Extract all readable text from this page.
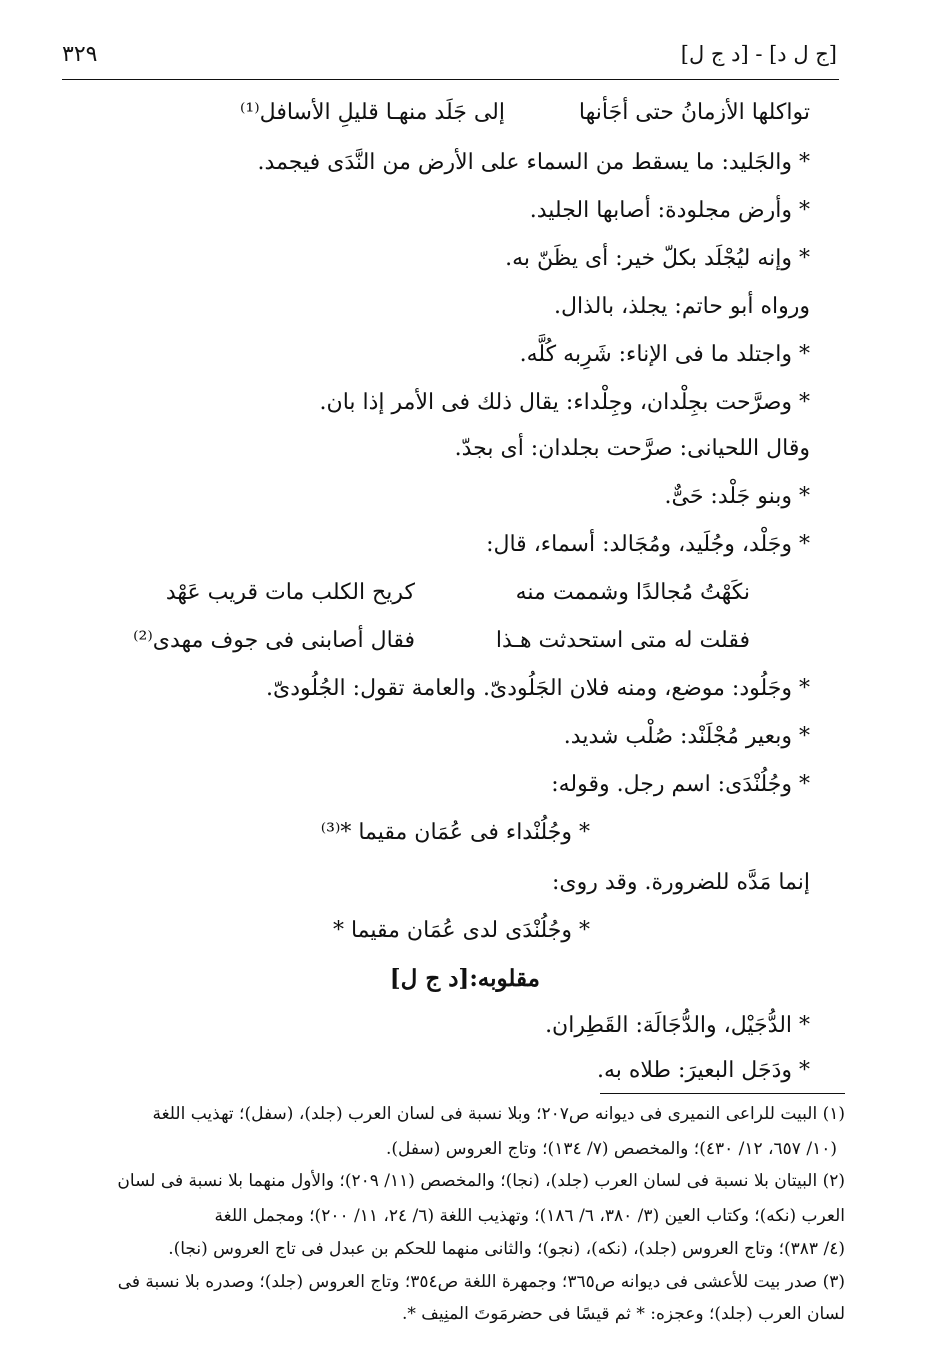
[ج ل د] - [د ج ل]
٣٢٩
تواكلها الأزمانُ حتى أجَأنها
إلى جَلَد منهـا قليلِ الأسافل⁽¹⁾
* والجَليد: ما يسقط من السماء على الأرض من النَّدَى فيجمد.
* وأرض مجلودة: أصابها الجليد.
* وإنه ليُجْلَد بكلّ خير: أى يظَنّ به.
ورواه أبو حاتم: يجلذ، بالذال.
* واجتلد ما فى الإناء: شَرِبه كُلَّه.
* وصرَّحت بجِلْدان، وجِلْداء: يقال ذلك فى الأمر إذا بان.
وقال اللحيانى: صرَّحت بجلدان: أى بجدّ.
* وبنو جَلْد: حَىٌّ.
* وجَلْد، وجُلَيد، ومُجَالد: أسماء، قال:
نكَهْتُ مُجالدًا وشممت منه
كريح الكلب مات قريب عَهْد
فقلت له متى استحدثت هـذا
فقال أصابنى فى جوف مهدى⁽²⁾
* وجَلُود: موضع، ومنه فلان الجَلُودىّ. والعامة تقول: الجُلُودىّ.
* وبعير مُجْلَنْد: صُلْب شديد.
* وجُلُنْدَى: اسم رجل. وقوله:
* وجُلُنْداء فى عُمَان مقيما *⁽³⁾
إنما مَدَّه للضرورة. وقد روى:
* وجُلُنْدَى لدى عُمَان مقيما *
مقلوبه:[د ج ل]
* الدُّجَيْل، والدُّجَالَة: القَطِران.
* ودَجَل البعيرَ: طلاه به.
(١) البيت للراعى النميرى فى ديوانه ص٢٠٧؛ وبلا نسبة فى لسان العرب (جلد)، (سفل)؛ تهذيب اللغة
(١٠/ ٦٥٧، ١٢/ ٤٣٠)؛ والمخصص (٧/ ١٣٤)؛ وتاج العروس (سفل).
(٢) البيتان بلا نسبة فى لسان العرب (جلد)، (نجا)؛ والمخصص (١١/ ٢٠٩)؛ والأول منهما بلا نسبة فى لسان
العرب (نكه)؛ وكتاب العين (٣/ ٣٨٠، ٦/ ١٨٦)؛ وتهذيب اللغة (٦/ ٢٤، ١١/ ٢٠٠)؛ ومجمل اللغة
(٤/ ٣٨٣)؛ وتاج العروس (جلد)، (نكه)، (نجو)؛ والثانى منهما للحكم بن عبدل فى تاج العروس (نجا).
(٣) صدر بيت للأعشى فى ديوانه ص٣٦٥؛ وجمهرة اللغة ص٣٥٤؛ وتاج العروس (جلد)؛ وصدره بلا نسبة فى
لسان العرب (جلد)؛ وعجزه: * ثم قيسًا فى حضرمَوتَ المنِيف *.
